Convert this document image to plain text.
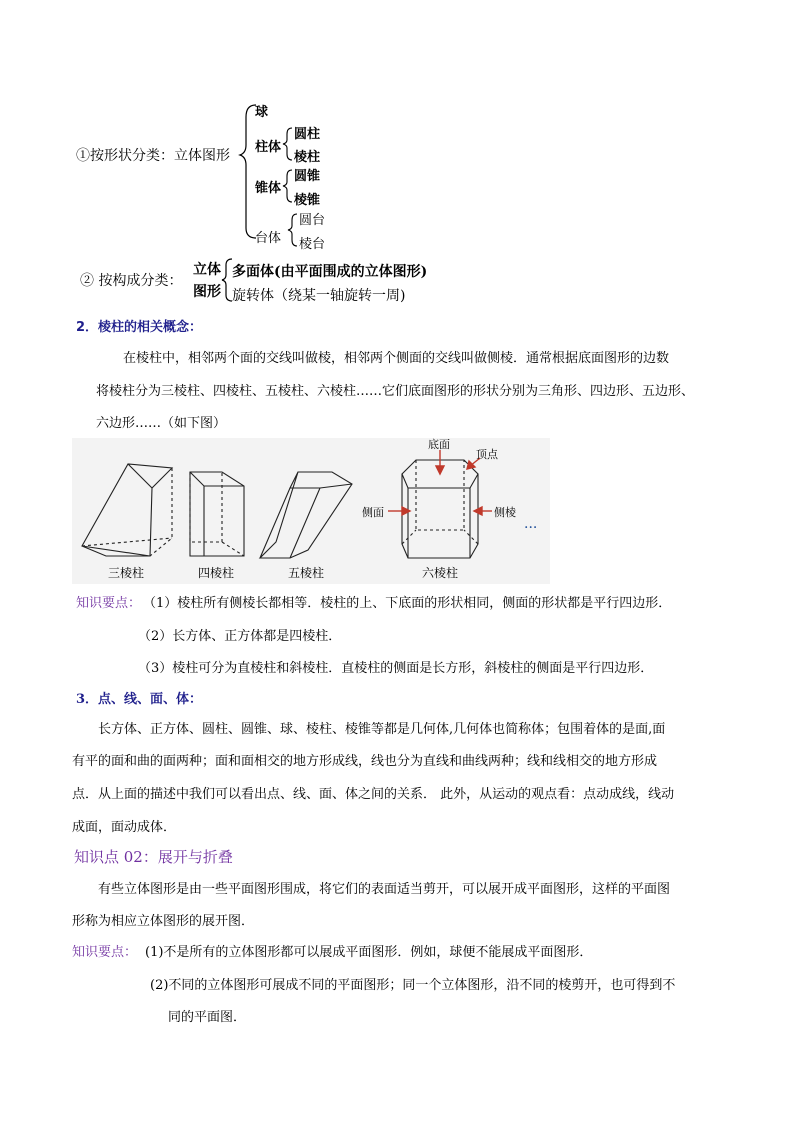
①按形状分类：立体图形
球
柱体
圆柱
棱柱
锥体
圆锥
棱锥
台体
圆台
棱台
② 按构成分类：
立体
图形
多面体(由平面围成的立体图形)
旋转体（绕某一轴旋转一周)
2．棱柱的相关概念：
在棱柱中，相邻两个面的交线叫做棱，相邻两个侧面的交线叫做侧棱．通常根据底面图形的边数
将棱柱分为三棱柱、四棱柱、五棱柱、六棱柱……它们底面图形的形状分别为三角形、四边形、五边形、
六边形……（如下图）
三棱柱	四棱柱	五棱柱	六棱柱
底面
顶点
侧面	侧棱
···
知识要点： （1）棱柱所有侧棱长都相等．棱柱的上、下底面的形状相同，侧面的形状都是平行四边形．
（2）长方体、正方体都是四棱柱．
（3）棱柱可分为直棱柱和斜棱柱．直棱柱的侧面是长方形，斜棱柱的侧面是平行四边形．
3．点、线、面、体：
长方体、正方体、圆柱、圆锥、球、棱柱、棱锥等都是几何体,几何体也简称体；包围着体的是面,面
有平的面和曲的面两种；面和面相交的地方形成线，线也分为直线和曲线两种；线和线相交的地方形成
点．从上面的描述中我们可以看出点、线、面、体之间的关系． 此外，从运动的观点看：点动成线，线动
成面，面动成体．
知识点 02：展开与折叠
有些立体图形是由一些平面图形围成，将它们的表面适当剪开，可以展开成平面图形，这样的平面图
形称为相应立体图形的展开图．
知识要点： (1)不是所有的立体图形都可以展成平面图形．例如，球便不能展成平面图形．
(2)不同的立体图形可展成不同的平面图形；同一个立体图形，沿不同的棱剪开，也可得到不
同的平面图．
